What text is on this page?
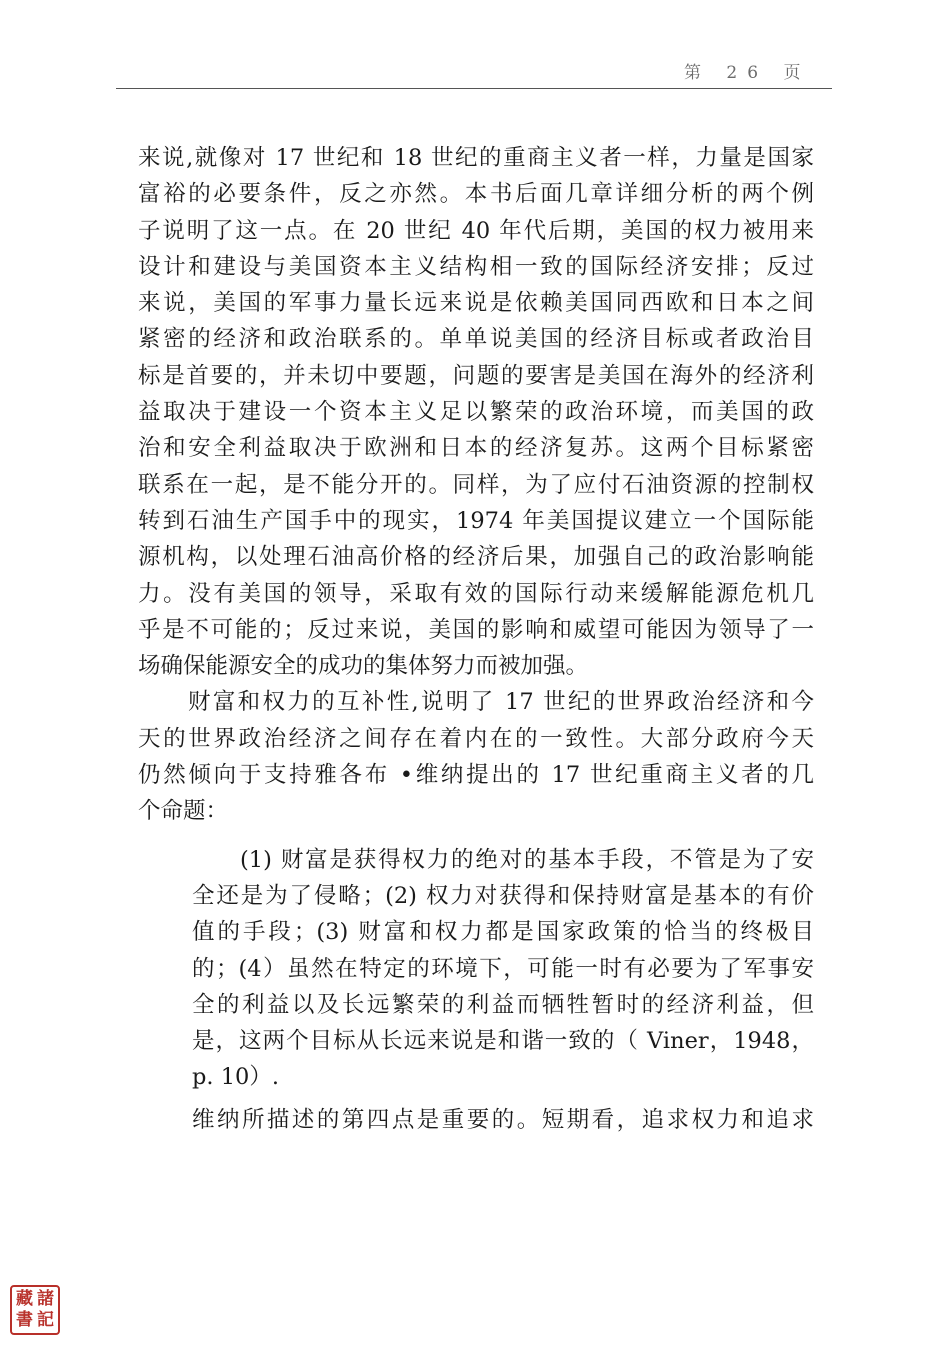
第 26 页
来说,就像对 17 世纪和 18 世纪的重商主义者一样，力量是国家
富裕的必要条件，反之亦然。本书后面几章详细分析的两个例
子说明了这一点。在 20 世纪 40 年代后期，美国的权力被用来
设计和建设与美国资本主义结构相一致的国际经济安排；反过
来说，美国的军事力量长远来说是依赖美国同西欧和日本之间
紧密的经济和政治联系的。单单说美国的经济目标或者政治目
标是首要的，并未切中要题，问题的要害是美国在海外的经济利
益取决于建设一个资本主义足以繁荣的政治环境，而美国的政
治和安全利益取决于欧洲和日本的经济复苏。这两个目标紧密
联系在一起，是不能分开的。同样，为了应付石油资源的控制权
转到石油生产国手中的现实，1974 年美国提议建立一个国际能
源机构，以处理石油高价格的经济后果，加强自己的政治影响能
力。没有美国的领导，采取有效的国际行动来缓解能源危机几
乎是不可能的；反过来说，美国的影响和威望可能因为领导了一
场确保能源安全的成功的集体努力而被加强。
财富和权力的互补性,说明了 17 世纪的世界政治经济和今
天的世界政治经济之间存在着内在的一致性。大部分政府今天
仍然倾向于支持雅各布 •维纳提出的 17 世纪重商主义者的几
个命题：
(1) 财富是获得权力的绝对的基本手段，不管是为了安
全还是为了侵略；(2) 权力对获得和保持财富是基本的有价
值的手段；(3) 财富和权力都是国家政策的恰当的终极目
的；(4）虽然在特定的环境下，可能一时有必要为了军事安
全的利益以及长远繁荣的利益而牺牲暂时的经济利益，但
是，这两个目标从长远来说是和谐一致的（ Viner，1948，
p. 10）.
维纳所描述的第四点是重要的。短期看，追求权力和追求
藏 諸
書 記
